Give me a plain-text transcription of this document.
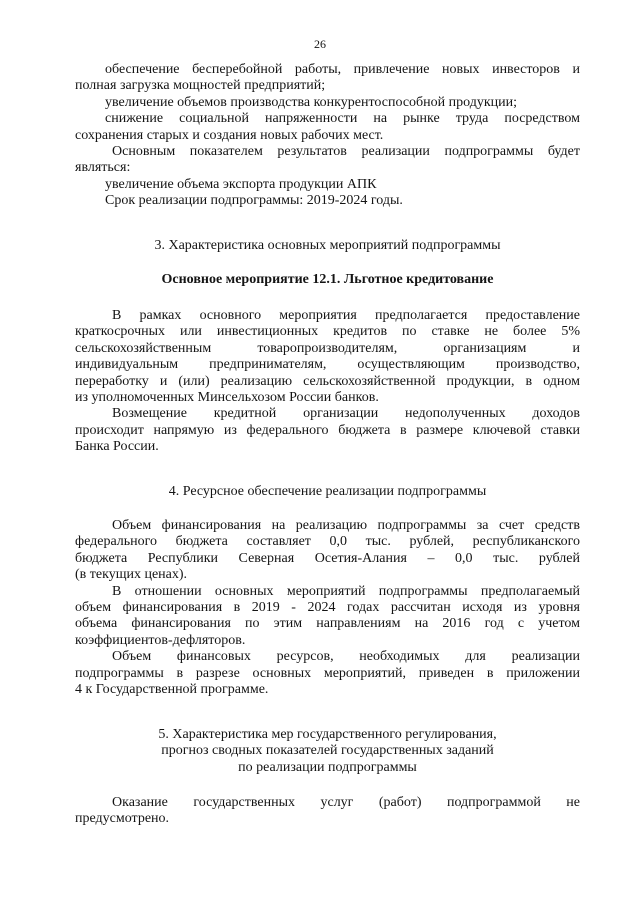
26

обеспечение бесперебойной работы, привлечение новых инвесторов и

полная загрузка мощностей предприятий;

увеличение объемов производства конкурентоспособной продукции;

снижение социальной напряженности на рынке труда посредством

сохранения старых и создания новых рабочих мест.

Основным показателем результатов реализации подпрограммы будет

являться:

увеличение объема экспорта продукции АПК

Срок реализации подпрограммы: 2019-2024 годы.

3. Характеристика основных мероприятий подпрограммы
Основное мероприятие 12.1. Льготное кредитование

В рамках основного мероприятия предполагается предоставление

краткосрочных или инвестиционных кредитов по ставке не более 5%

сельскохозяйственным товаропроизводителям, организациям и

индивидуальным предпринимателям, осуществляющим производство,

переработку и (или) реализацию сельскохозяйственной продукции, в одном

из уполномоченных Минсельхозом России банков.

Возмещение кредитной организации недополученных доходов

происходит напрямую из федерального бюджета в размере ключевой ставки

Банка России.

4. Ресурсное обеспечение реализации подпрограммы

Объем финансирования на реализацию подпрограммы за счет средств

федерального бюджета составляет 0,0 тыс. рублей, республиканского

бюджета Республики Северная Осетия-Алания – 0,0 тыс. рублей

(в текущих ценах).

В отношении основных мероприятий подпрограммы предполагаемый

объем финансирования в 2019 - 2024 годах рассчитан исходя из уровня

объема финансирования по этим направлениям на 2016 год с учетом

коэффициентов-дефляторов.

Объем финансовых ресурсов, необходимых для реализации

подпрограммы в разрезе основных мероприятий, приведен в приложении

4 к Государственной программе.

5. Характеристика мер государственного регулирования,
прогноз сводных показателей государственных заданий
по реализации подпрограммы

Оказание государственных услуг (работ) подпрограммой не

предусмотрено.
